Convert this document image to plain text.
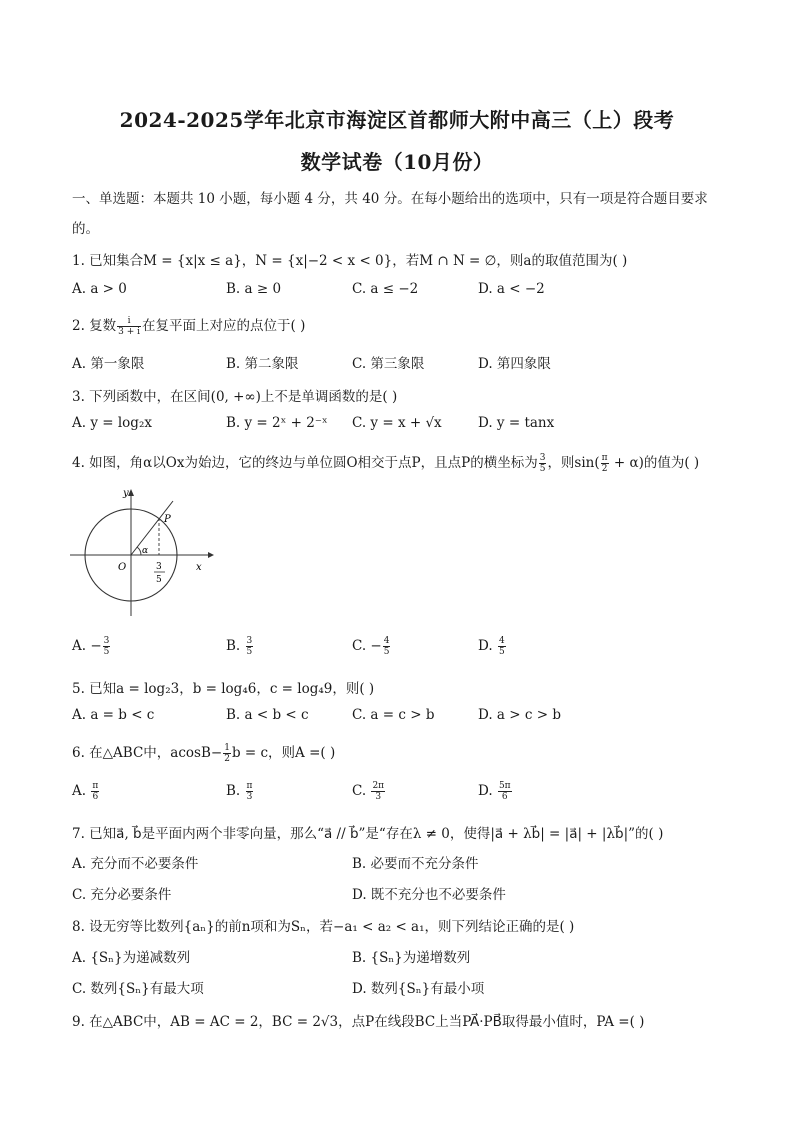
2024-2025学年北京市海淀区首都师大附中高三（上）段考
数学试卷（10月份）
一、单选题：本题共 10 小题，每小题 4 分，共 40 分。在每小题给出的选项中，只有一项是符合题目要求
的。
1. 已知集合M = {x|x ≤ a}，N = {x|−2 < x < 0}，若M ∩ N = ∅，则a的取值范围为( )
A. a > 0	B. a ≥ 0	C. a ≤ −2	D. a < −2
2. 复数 $\frac{i}{3 + i}$ 在复平面上对应的点位于( )
A. 第一象限	B. 第二象限	C. 第三象限	D. 第四象限
3. 下列函数中，在区间(0, +∞)上不是单调函数的是( )
A. y = log₂x	B. y = 2ˣ + 2⁻ˣ C. y = x + √x	D. y = tanx
4. 如图，角α以Ox为始边，它的终边与单位圆O相交于点P，且点P的横坐标为 $\frac{3}{5}$ ，则$\sin( \frac{\pi}{2} + \alpha)$的值为( )
y
x
O
P
α
3
5
A. − $\frac{3}{5}$	B. $\frac{3}{5}$	C. − $\frac{4}{5}$	D. $\frac{4}{5}$
5. 已知a = log₂3，b = log₄6，c = log₄9，则( )
A. a = b < c	B. a < b < c	C. a = c > b	D. a > c > b
6. 在△ABC中，$acosB- \frac{1}{2}$ b = c，则A =( )
A. $\frac{\pi}{6}$	B. $\frac{\pi}{3}$	C. $\frac{2\pi}{3}$	D. $\frac{5\pi}{6}$
7. 已知a⃗, b⃗是平面内两个非零向量，那么“a⃗ // b⃗”是“存在λ ≠ 0，使得|a⃗ + λb⃗| = |a⃗| + |λb⃗|”的( )
A. 充分而不必要条件	B. 必要而不充分条件
C. 充分必要条件	D. 既不充分也不必要条件
8. 设无穷等比数列{aₙ}的前n项和为Sₙ，若−a₁ < a₂ < a₁，则下列结论正确的是( )
A. {Sₙ}为递减数列	B. {Sₙ}为递增数列
C. 数列{Sₙ}有最大项	D. 数列{Sₙ}有最小项
9. 在△ABC中，AB = AC = 2，BC = 2√3，点P在线段BC上当PA⃗·PB⃗取得最小值时，PA =( )
